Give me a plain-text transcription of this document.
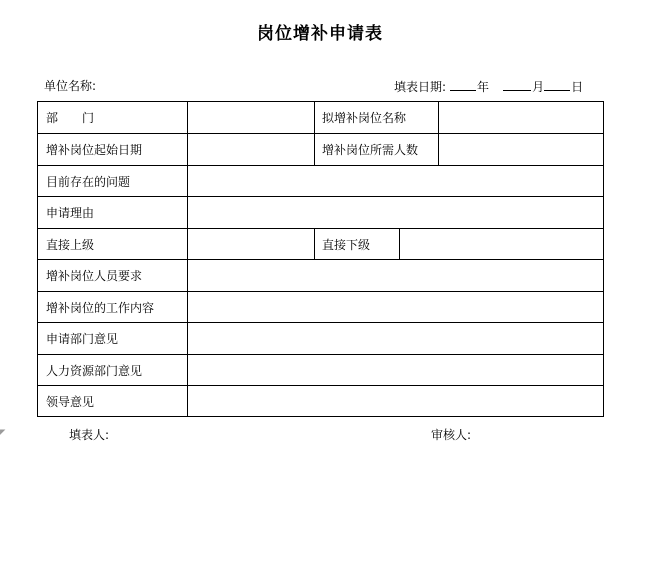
岗位增补申请表
单位名称:	填表日期:	年	月 日
部　　门	拟增补岗位名称
增补岗位起始日期	增补岗位所需人数
目前存在的问题
申请理由
直接上级	直接下级
增补岗位人员要求
增补岗位的工作内容
申请部门意见
人力资源部门意见
领导意见
填表人:	审核人:
◤
